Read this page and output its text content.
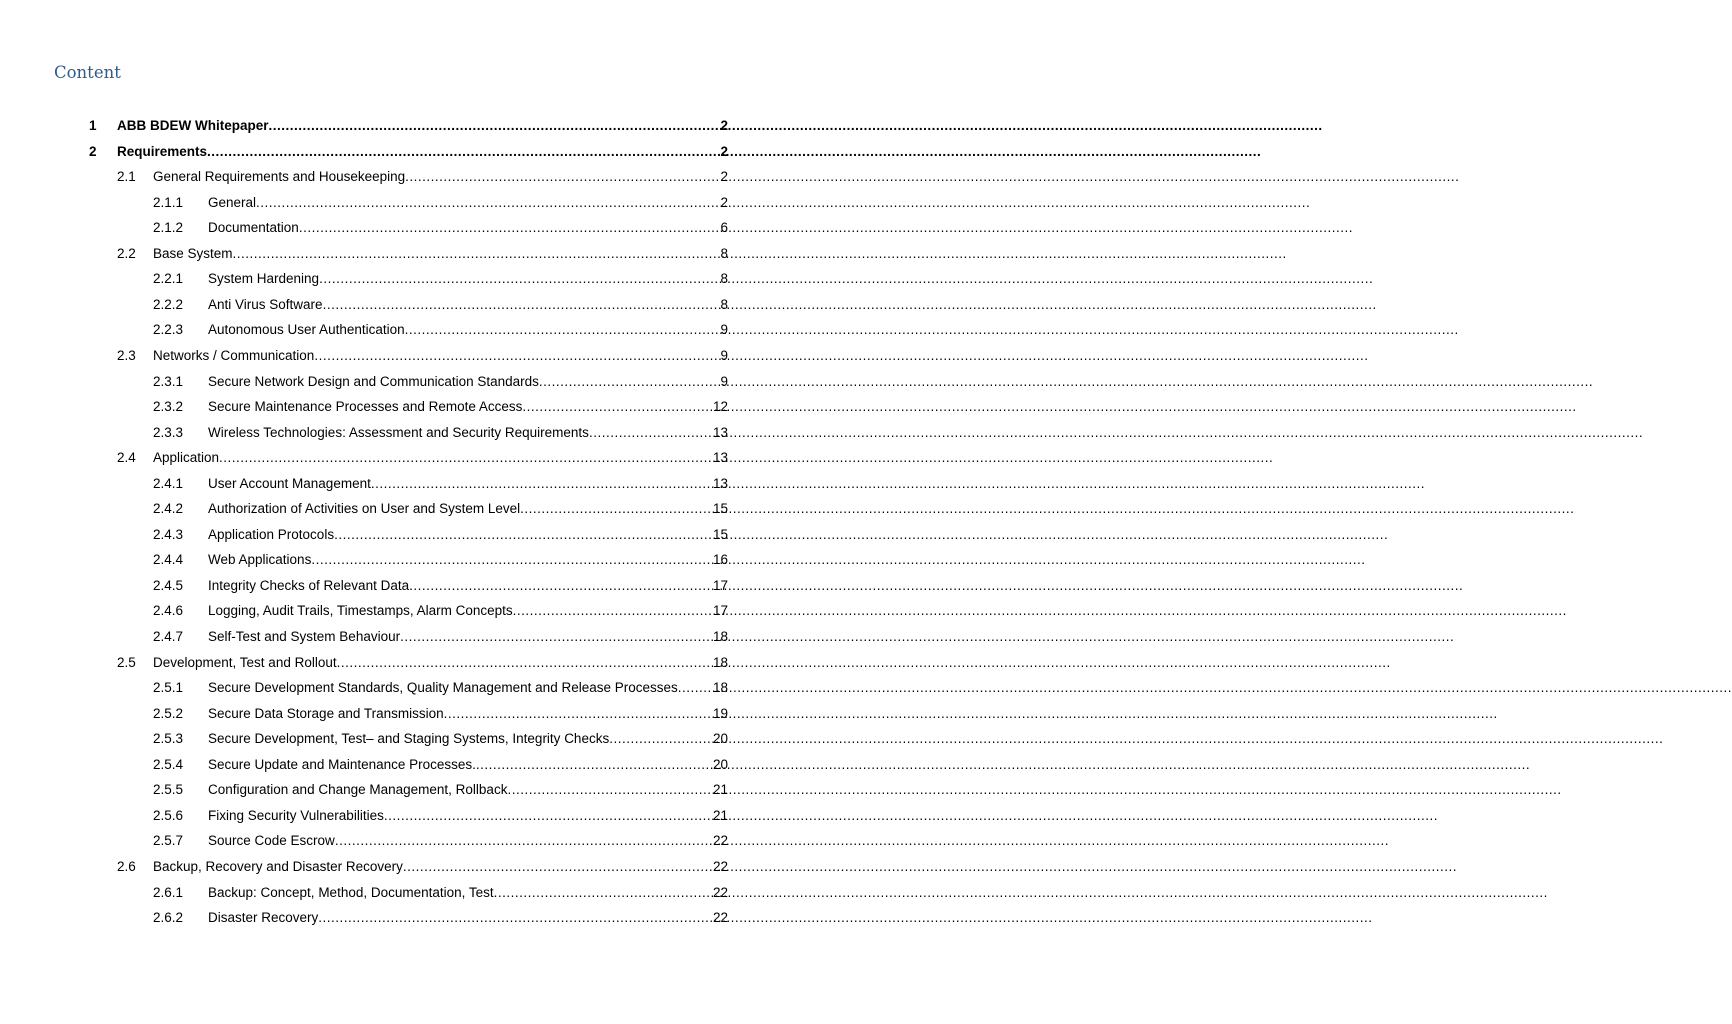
Content
1	ABB BDEW Whitepaper .....	2
2	Requirements .....	2
2.1	General Requirements and Housekeeping .....	2
2.1.1	General .....	2
2.1.2	Documentation .....	6
2.2	Base System .....	8
2.2.1	System Hardening .....	8
2.2.2	Anti Virus Software .....	8
2.2.3	Autonomous User Authentication .....	9
2.3	Networks / Communication .....	9
2.3.1	Secure Network Design and Communication Standards .....	9
2.3.2	Secure Maintenance Processes and Remote Access .....	12
2.3.3	Wireless Technologies: Assessment and Security Requirements .....	13
2.4	Application .....	13
2.4.1	User Account Management .....	13
2.4.2	Authorization of Activities on User and System Level .....	15
2.4.3	Application Protocols .....	15
2.4.4	Web Applications .....	16
2.4.5	Integrity Checks of Relevant Data .....	17
2.4.6	Logging, Audit Trails, Timestamps, Alarm Concepts .....	17
2.4.7	Self-Test and System Behaviour .....	18
2.5	Development, Test and Rollout .....	18
2.5.1	Secure Development Standards, Quality Management and Release Processes .....	18
2.5.2	Secure Data Storage and Transmission .....	19
2.5.3	Secure Development, Test– and Staging Systems, Integrity Checks .....	20
2.5.4	Secure Update and Maintenance Processes. .....	20
2.5.5	Configuration and Change Management, Rollback .....	21
2.5.6	Fixing Security Vulnerabilities .....	21
2.5.7	Source Code Escrow .....	22
2.6	Backup, Recovery and Disaster Recovery .....	22
2.6.1	Backup: Concept, Method, Documentation, Test .....	22
2.6.2	Disaster Recovery .....	22
